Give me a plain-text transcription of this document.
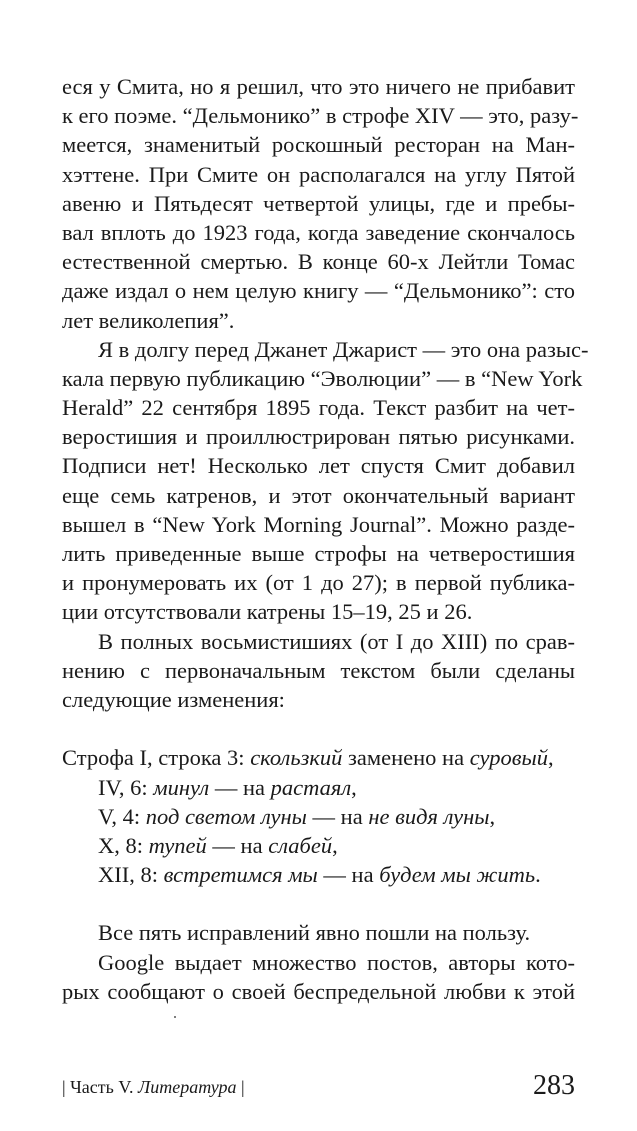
еся у Смита, но я решил, что это ничего не прибавит
к его поэме. “Дельмонико” в строфе XIV — это, разу-
меется, знаменитый роскошный ресторан на Ман-
хэттене. При Смите он располагался на углу Пятой
авеню и Пятьдесят четвертой улицы, где и пребы-
вал вплоть до 1923 года, когда заведение скончалось
естественной смертью. В конце 60-х Лейтли Томас
даже издал о нем целую книгу — “Дельмонико”: сто
лет великолепия”.
Я в долгу перед Джанет Джарист — это она разыс-
кала первую публикацию “Эволюции” — в “New York
Herald” 22 сентября 1895 года. Текст разбит на чет-
веростишия и проиллюстрирован пятью рисунками.
Подписи нет! Несколько лет спустя Смит добавил
еще семь катренов, и этот окончательный вариант
вышел в “New York Morning Journal”. Можно разде-
лить приведенные выше строфы на четверостишия
и пронумеровать их (от 1 до 27); в первой публика-
ции отсутствовали катрены 15–19, 25 и 26.
В полных восьмистишиях (от I до XIII) по срав-
нению с первоначальным текстом были сделаны
следующие изменения:
Строфа I, строка 3: скользкий заменено на суровый,
IV, 6: минул — на растаял,
V, 4: под светом луны — на не видя луны,
X, 8: тупей — на слабей,
XII, 8: встретимся мы — на будем мы жить.
Все пять исправлений явно пошли на пользу.
Google выдает множество постов, авторы кото-
рых сообщают о своей беспредельной любви к этой
| Часть V. Литература |	283
